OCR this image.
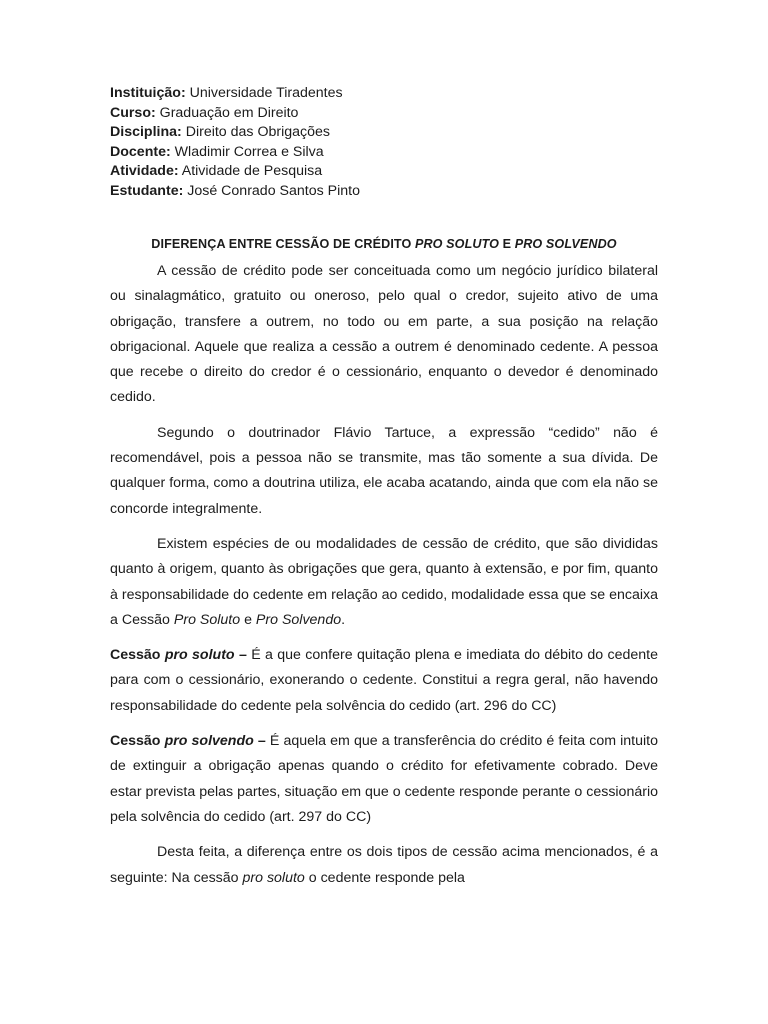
Instituição: Universidade Tiradentes
Curso: Graduação em Direito
Disciplina: Direito das Obrigações
Docente: Wladimir Correa e Silva
Atividade: Atividade de Pesquisa
Estudante: José Conrado Santos Pinto
DIFERENÇA ENTRE CESSÃO DE CRÉDITO PRO SOLUTO E PRO SOLVENDO

A cessão de crédito pode ser conceituada como um negócio jurídico bilateral ou sinalagmático, gratuito ou oneroso, pelo qual o credor, sujeito ativo de uma obrigação, transfere a outrem, no todo ou em parte, a sua posição na relação obrigacional. Aquele que realiza a cessão a outrem é denominado cedente. A pessoa que recebe o direito do credor é o cessionário, enquanto o devedor é denominado cedido.

Segundo o doutrinador Flávio Tartuce, a expressão “cedido” não é recomendável, pois a pessoa não se transmite, mas tão somente a sua dívida. De qualquer forma, como a doutrina utiliza, ele acaba acatando, ainda que com ela não se concorde integralmente.

Existem espécies de ou modalidades de cessão de crédito, que são divididas quanto à origem, quanto às obrigações que gera, quanto à extensão, e por fim, quanto à responsabilidade do cedente em relação ao cedido, modalidade essa que se encaixa a Cessão Pro Soluto e Pro Solvendo.

Cessão pro soluto – É a que confere quitação plena e imediata do débito do cedente para com o cessionário, exonerando o cedente. Constitui a regra geral, não havendo responsabilidade do cedente pela solvência do cedido (art. 296 do CC)

Cessão pro solvendo – É aquela em que a transferência do crédito é feita com intuito de extinguir a obrigação apenas quando o crédito for efetivamente cobrado. Deve estar prevista pelas partes, situação em que o cedente responde perante o cessionário pela solvência do cedido (art. 297 do CC)

Desta feita, a diferença entre os dois tipos de cessão acima mencionados, é a seguinte: Na cessão pro soluto o cedente responde pela
